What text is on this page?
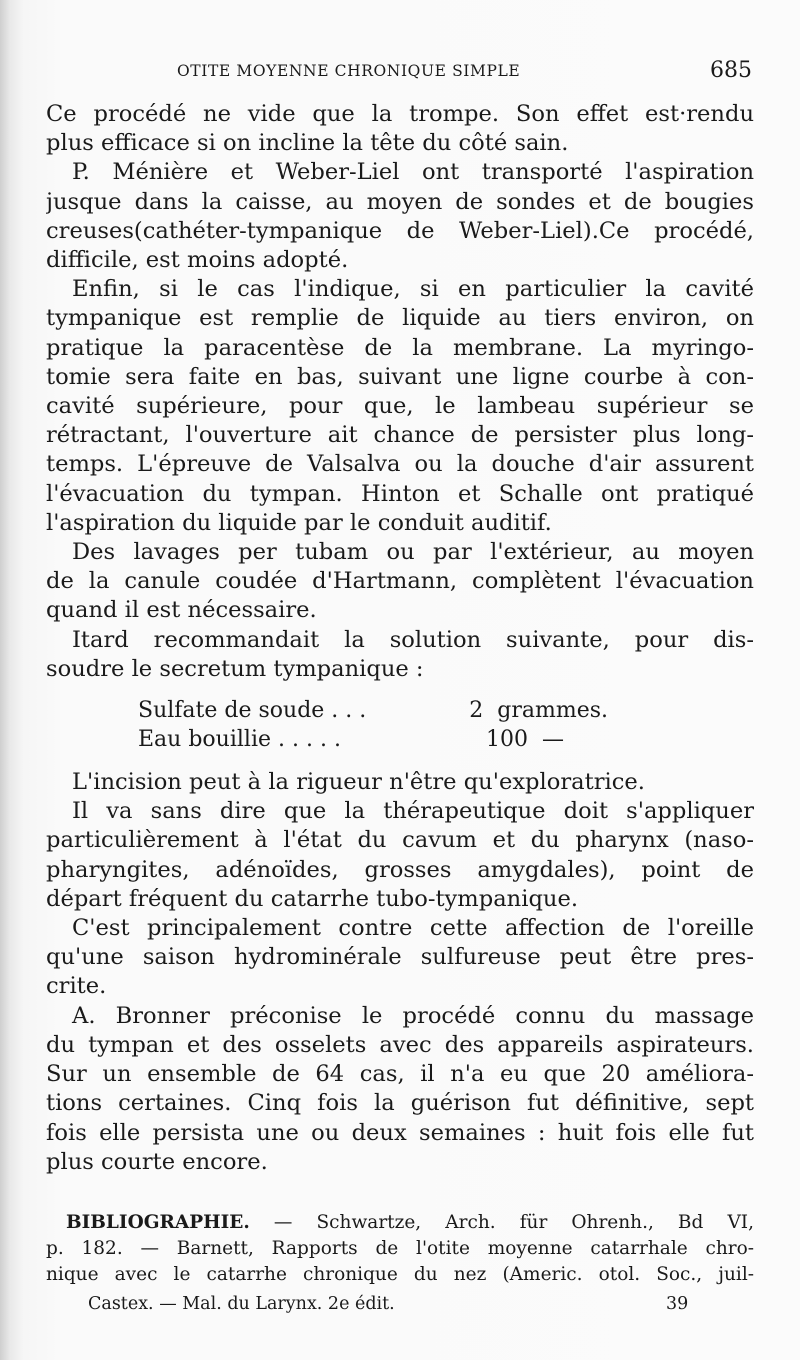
OTITE MOYENNE CHRONIQUE SIMPLE	685
Ce procédé ne vide que la trompe. Son effet est·rendu
plus efficace si on incline la tête du côté sain.
P. Ménière et Weber-Liel ont transporté l'aspiration
jusque dans la caisse, au moyen de sondes et de bougies
creuses(cathéter-tympanique de Weber-Liel).Ce procédé,
difficile, est moins adopté.
Enfin, si le cas l'indique, si en particulier la cavité
tympanique est remplie de liquide au tiers environ, on
pratique la paracentèse de la membrane. La myringo-
tomie sera faite en bas, suivant une ligne courbe à con-
cavité supérieure, pour que, le lambeau supérieur se
rétractant, l'ouverture ait chance de persister plus long-
temps. L'épreuve de Valsalva ou la douche d'air assurent
l'évacuation du tympan. Hinton et Schalle ont pratiqué
l'aspiration du liquide par le conduit auditif.
Des lavages per tubam ou par l'extérieur, au moyen
de la canule coudée d'Hartmann, complètent l'évacuation
quand il est nécessaire.
Itard recommandait la solution suivante, pour dis-
soudre le secretum tympanique :
Sulfate de soude . . .	2 grammes.
Eau bouillie . . . . .	100 —
L'incision peut à la rigueur n'être qu'exploratrice.
Il va sans dire que la thérapeutique doit s'appliquer
particulièrement à l'état du cavum et du pharynx (naso-
pharyngites, adénoïdes, grosses amygdales), point de
départ fréquent du catarrhe tubo-tympanique.
C'est principalement contre cette affection de l'oreille
qu'une saison hydrominérale sulfureuse peut être pres-
crite.
A. Bronner préconise le procédé connu du massage
du tympan et des osselets avec des appareils aspirateurs.
Sur un ensemble de 64 cas, il n'a eu que 20 améliora-
tions certaines. Cinq fois la guérison fut définitive, sept
fois elle persista une ou deux semaines : huit fois elle fut
plus courte encore.
BIBLIOGRAPHIE. — Schwartze, Arch. für Ohrenh., Bd VI,
p. 182. — Barnett, Rapports de l'otite moyenne catarrhale chro-
nique avec le catarrhe chronique du nez (Americ. otol. Soc., juil-
Castex. — Mal. du Larynx. 2e édit.	39
